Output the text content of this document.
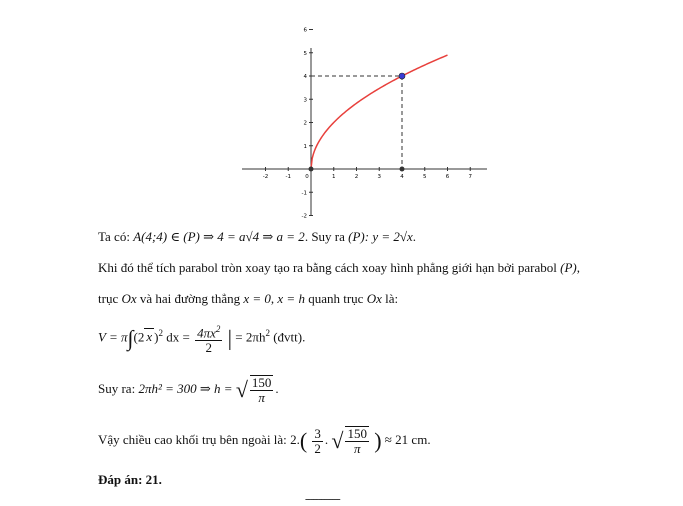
-2	-1	0	1	2	3	4	5	6	7
-2
-1
1
2
3
4
5
6
Ta có: A(4;4) ∈ (P) ⇒ 4 = a√4 ⇒ a = 2. Suy ra (P): y = 2√x.
Khi đó thể tích parabol tròn xoay tạo ra bằng cách xoay hình phẳng giới hạn bởi parabol (P),
trục Ox và hai đường thẳng x = 0, x = h quanh trục Ox là:
V = π∫(2 x )$^2$ dx = $\frac{4\pi x^2}{2}$ | = $2\pi h^2$ (đvtt).
Suy ra: 2πh² = 300 ⇒ h = √ $\frac{150}{\pi}$ .
Vậy chiều cao khối trụ bên ngoài là: $2.( \frac{3}{2}$ . √ $\frac{150}{\pi}$ ) ≈ 21 cm.
Đáp án: 21.
-------------
